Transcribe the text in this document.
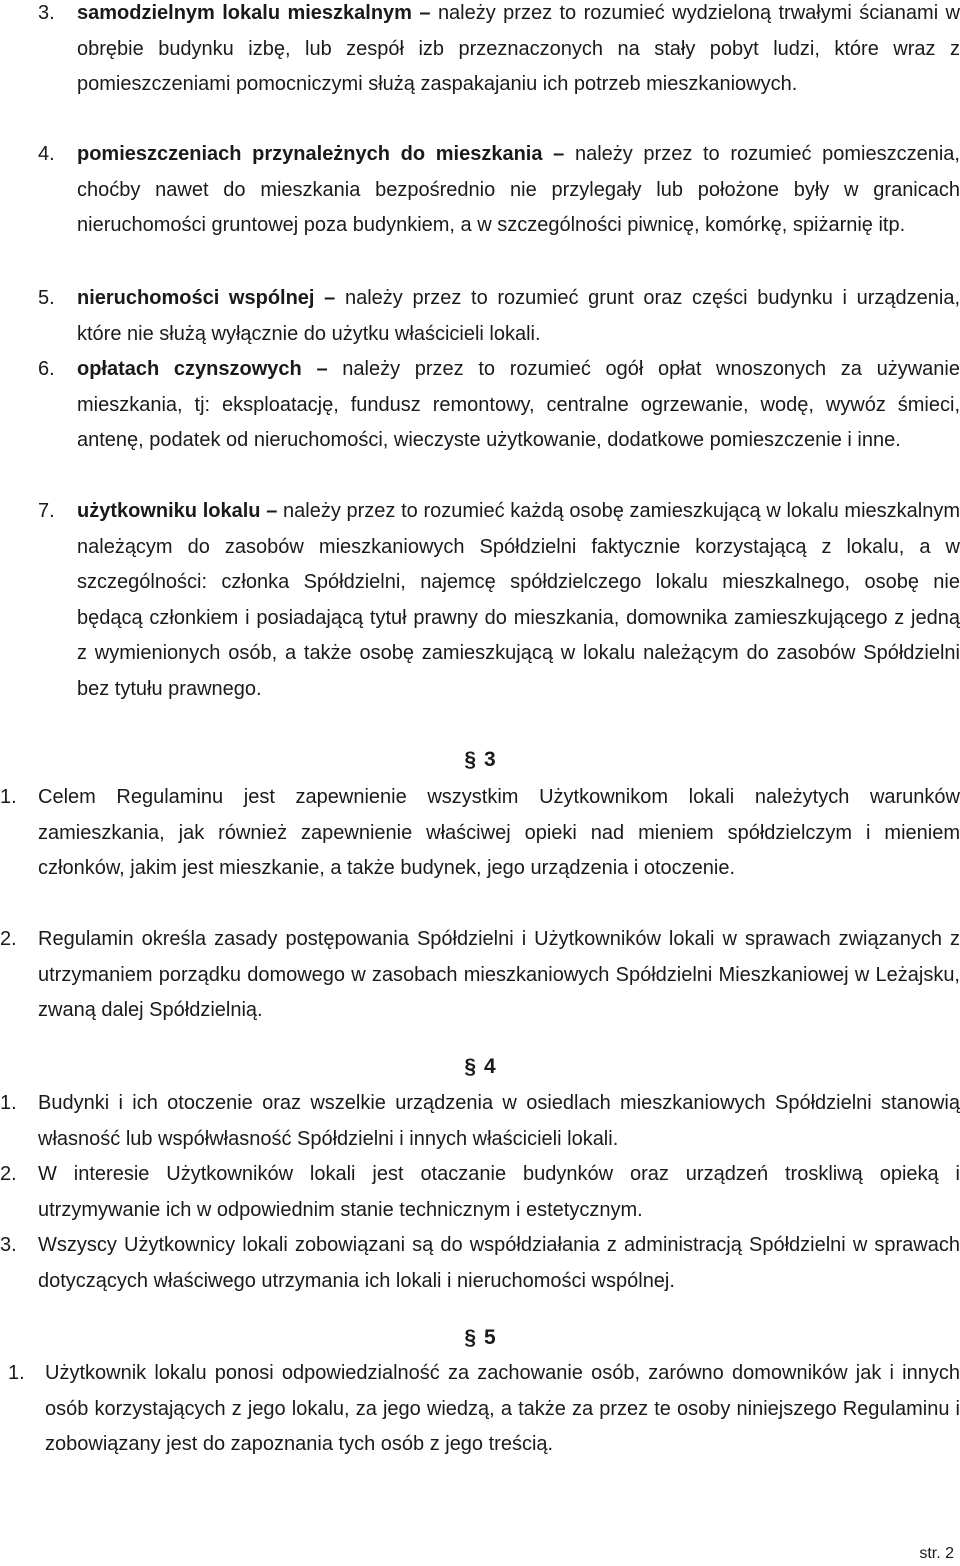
3. samodzielnym lokalu mieszkalnym – należy przez to rozumieć wydzieloną trwałymi ścianami w obrębie budynku izbę, lub zespół izb przeznaczonych na stały pobyt ludzi, które wraz z pomieszczeniami pomocniczymi służą zaspakajaniu ich potrzeb mieszkaniowych.
4. pomieszczeniach przynależnych do mieszkania – należy przez to rozumieć pomieszczenia, choćby nawet do mieszkania bezpośrednio nie przylegały lub położone były w granicach nieruchomości gruntowej poza budynkiem, a w szczególności piwnicę, komórkę, spiżarnię itp.
5. nieruchomości wspólnej – należy przez to rozumieć grunt oraz części budynku i urządzenia, które nie służą wyłącznie do użytku właścicieli lokali.
6. opłatach czynszowych – należy przez to rozumieć ogół opłat wnoszonych za używanie mieszkania, tj: eksploatację, fundusz remontowy, centralne ogrzewanie, wodę, wywóz śmieci, antenę, podatek od nieruchomości, wieczyste użytkowanie, dodatkowe pomieszczenie i inne.
7. użytkowniku lokalu – należy przez to rozumieć każdą osobę zamieszkującą w lokalu mieszkalnym należącym do zasobów mieszkaniowych Spółdzielni faktycznie korzystającą z lokalu, a w szczególności: członka Spółdzielni, najemcę spółdzielczego lokalu mieszkalnego, osobę nie będącą członkiem i posiadającą tytuł prawny do mieszkania, domownika zamieszkującego z jedną z wymienionych osób, a także osobę zamieszkującą w lokalu należącym do zasobów Spółdzielni bez tytułu prawnego.
§ 3
1. Celem Regulaminu jest zapewnienie wszystkim Użytkownikom lokali należytych warunków zamieszkania, jak również zapewnienie właściwej opieki nad mieniem spółdzielczym i mieniem członków, jakim jest mieszkanie, a także budynek, jego urządzenia i otoczenie.
2. Regulamin określa zasady postępowania Spółdzielni i Użytkowników lokali w sprawach związanych z utrzymaniem porządku domowego w zasobach mieszkaniowych Spółdzielni Mieszkaniowej w Leżajsku, zwaną dalej Spółdzielnią.
§ 4
1. Budynki i ich otoczenie oraz wszelkie urządzenia w osiedlach mieszkaniowych Spółdzielni stanowią własność lub współwłasność Spółdzielni i innych właścicieli lokali.
2. W interesie Użytkowników lokali jest otaczanie budynków oraz urządzeń troskliwą opieką i utrzymywanie ich w odpowiednim stanie technicznym i estetycznym.
3. Wszyscy Użytkownicy lokali zobowiązani są do współdziałania z administracją Spółdzielni w sprawach dotyczących właściwego utrzymania ich lokali i nieruchomości wspólnej.
§ 5
1. Użytkownik lokalu ponosi odpowiedzialność za zachowanie osób, zarówno domowników jak i innych osób korzystających z jego lokalu, za jego wiedzą, a także za przez te osoby niniejszego Regulaminu i zobowiązany jest do zapoznania tych osób z jego treścią.
str. 2
